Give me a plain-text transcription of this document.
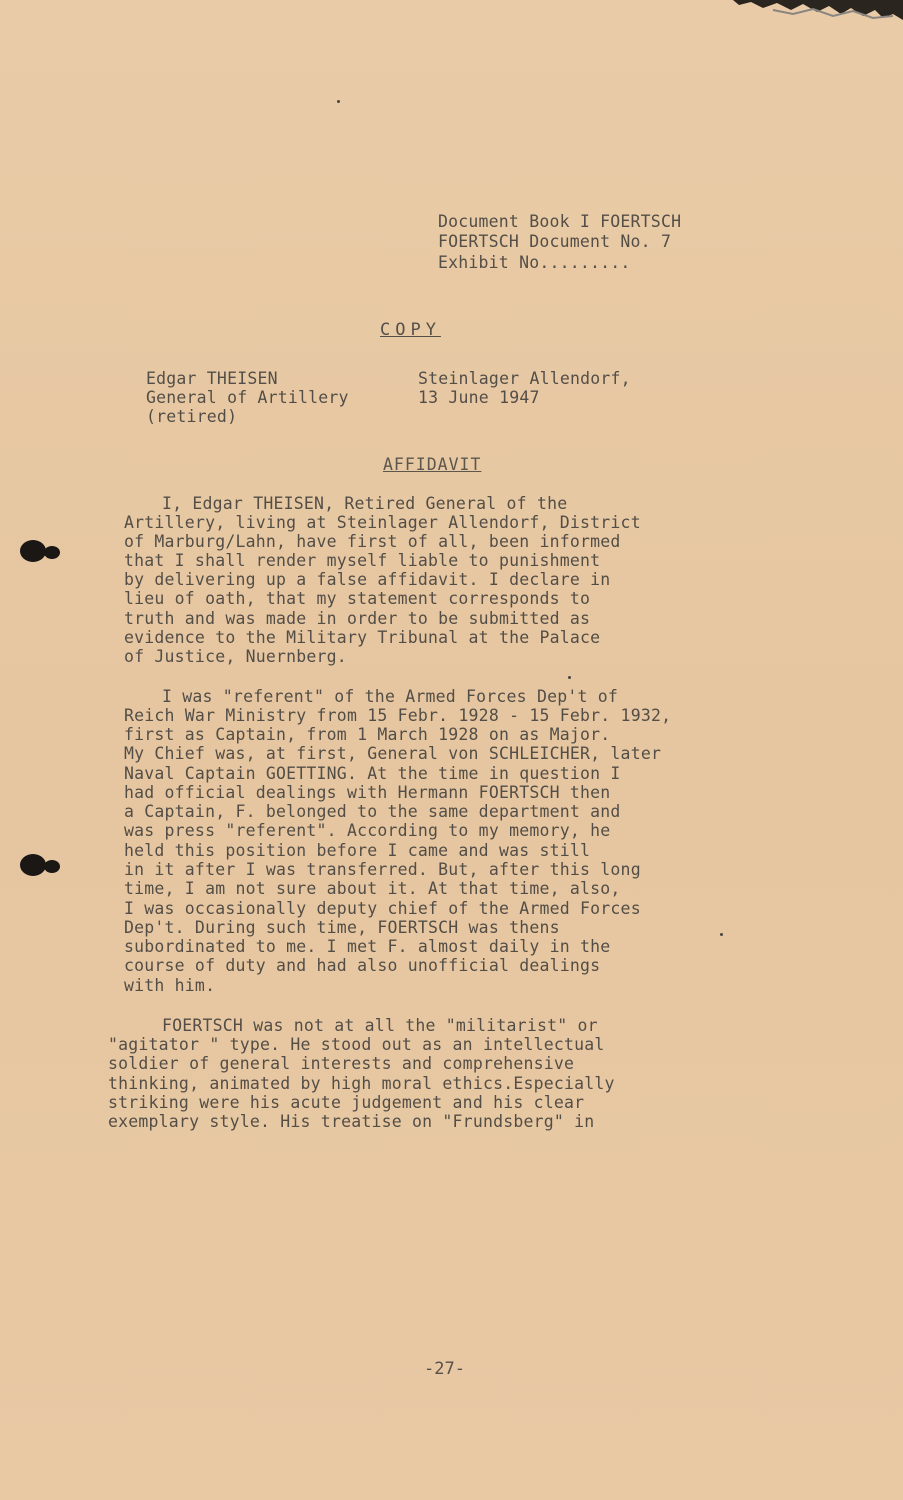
Document Book I FOERTSCH
FOERTSCH Document No. 7
Exhibit No.........
COPY
Edgar THEISEN
General of Artillery
(retired)
Steinlager Allendorf,
13 June 1947
AFFIDAVIT
I, Edgar THEISEN, Retired General of the
Artillery, living at Steinlager Allendorf, District
of Marburg/Lahn, have first of all, been informed
that I shall render myself liable to punishment
by delivering up a false affidavit. I declare in
lieu of oath, that my statement corresponds to
truth and was made in order to be submitted as
evidence to the Military Tribunal at the Palace
of Justice, Nuernberg.
I was "referent" of the Armed Forces Dep't of
Reich War Ministry from 15 Febr. 1928 - 15 Febr. 1932,
first as Captain, from 1 March 1928 on as Major.
My Chief was, at first, General von SCHLEICHER, later
Naval Captain GOETTING. At the time in question I
had official dealings with Hermann FOERTSCH then
a Captain, F. belonged to the same department and
was press "referent". According to my memory, he
held this position before I came and was still
in it after I was transferred. But, after this long
time, I am not sure about it. At that time, also,
I was occasionally deputy chief of the Armed Forces
Dep't. During such time, FOERTSCH was thens
subordinated to me. I met F. almost daily in the
course of duty and had also unofficial dealings
with him.
FOERTSCH was not at all the "militarist" or
"agitator " type. He stood out as an intellectual
soldier of general interests and comprehensive
thinking, animated by high moral ethics.Especially
striking were his acute judgement and his clear
exemplary style. His treatise on "Frundsberg" in
-27-
